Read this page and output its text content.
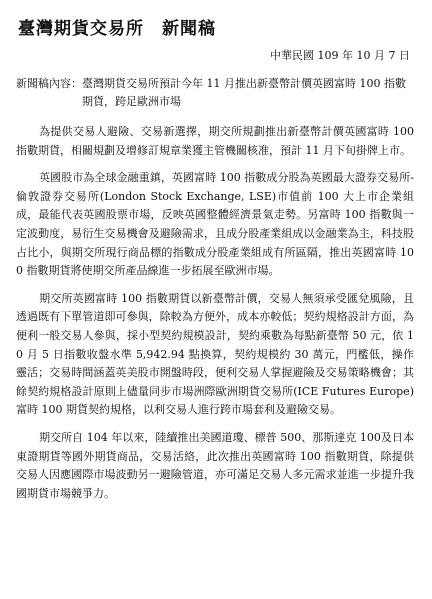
臺灣期貨交易所 新聞稿
中華民國 109 年 10 月 7 日
新聞稿內容： 臺灣期貨交易所預計今年 11 月推出新臺幣計價英國富時 100 指數期貨，跨足歐洲市場

為提供交易人避險、交易新選擇，期交所規劃推出新臺幣計價英國富時 100 指數期貨，相關規劃及增修訂規章業獲主管機關核准，預計 11 月下旬掛牌上市。

英國股市為全球金融重鎮，英國富時 100 指數成分股為英國最大證券交易所-倫敦證券交易所(London Stock Exchange, LSE)市值前 100 大上市企業組成，最能代表英國股票市場，反映英國整體經濟景氣走勢。另富時 100 指數與一定波動度，易衍生交易機會及避險需求，且成分股產業組成以金融業為主，科技股占比小，與期交所現行商品標的指數成分股產業組成有所區隔，推出英國富時 100 指數期貨將使期交所產品線進一步拓展至歐洲市場。

期交所英國富時 100 指數期貨以新臺幣計價，交易人無須承受匯兌風險，且透過既有下單管道即可參與，除較為方便外，成本亦較低；契約規格設計方面，為便利一般交易人參與，採小型契約規模設計，契約乘數為每點新臺幣 50 元，依 10 月 5 日指數收盤水準 5,942.94 點換算，契約規模約 30 萬元，門檻低，操作靈活；交易時間涵蓋英美股市開盤時段，便利交易人掌握避險及交易策略機會；其餘契約規格設計原則上儘量同步市場洲際歐洲期貨交易所(ICE Futures Europe)富時 100 期貨契約規格，以利交易人進行跨市場套利及避險交易。

期交所自 104 年以來，陸續推出美國道瓊、標普 500、那斯達克 100及日本東證期貨等國外期貨商品，交易活絡，此次推出英國富時 100 指數期貨，除提供交易人因應國際市場波動另一避險管道，亦可滿足交易人多元需求並進一步提升我國期貨市場競爭力。
